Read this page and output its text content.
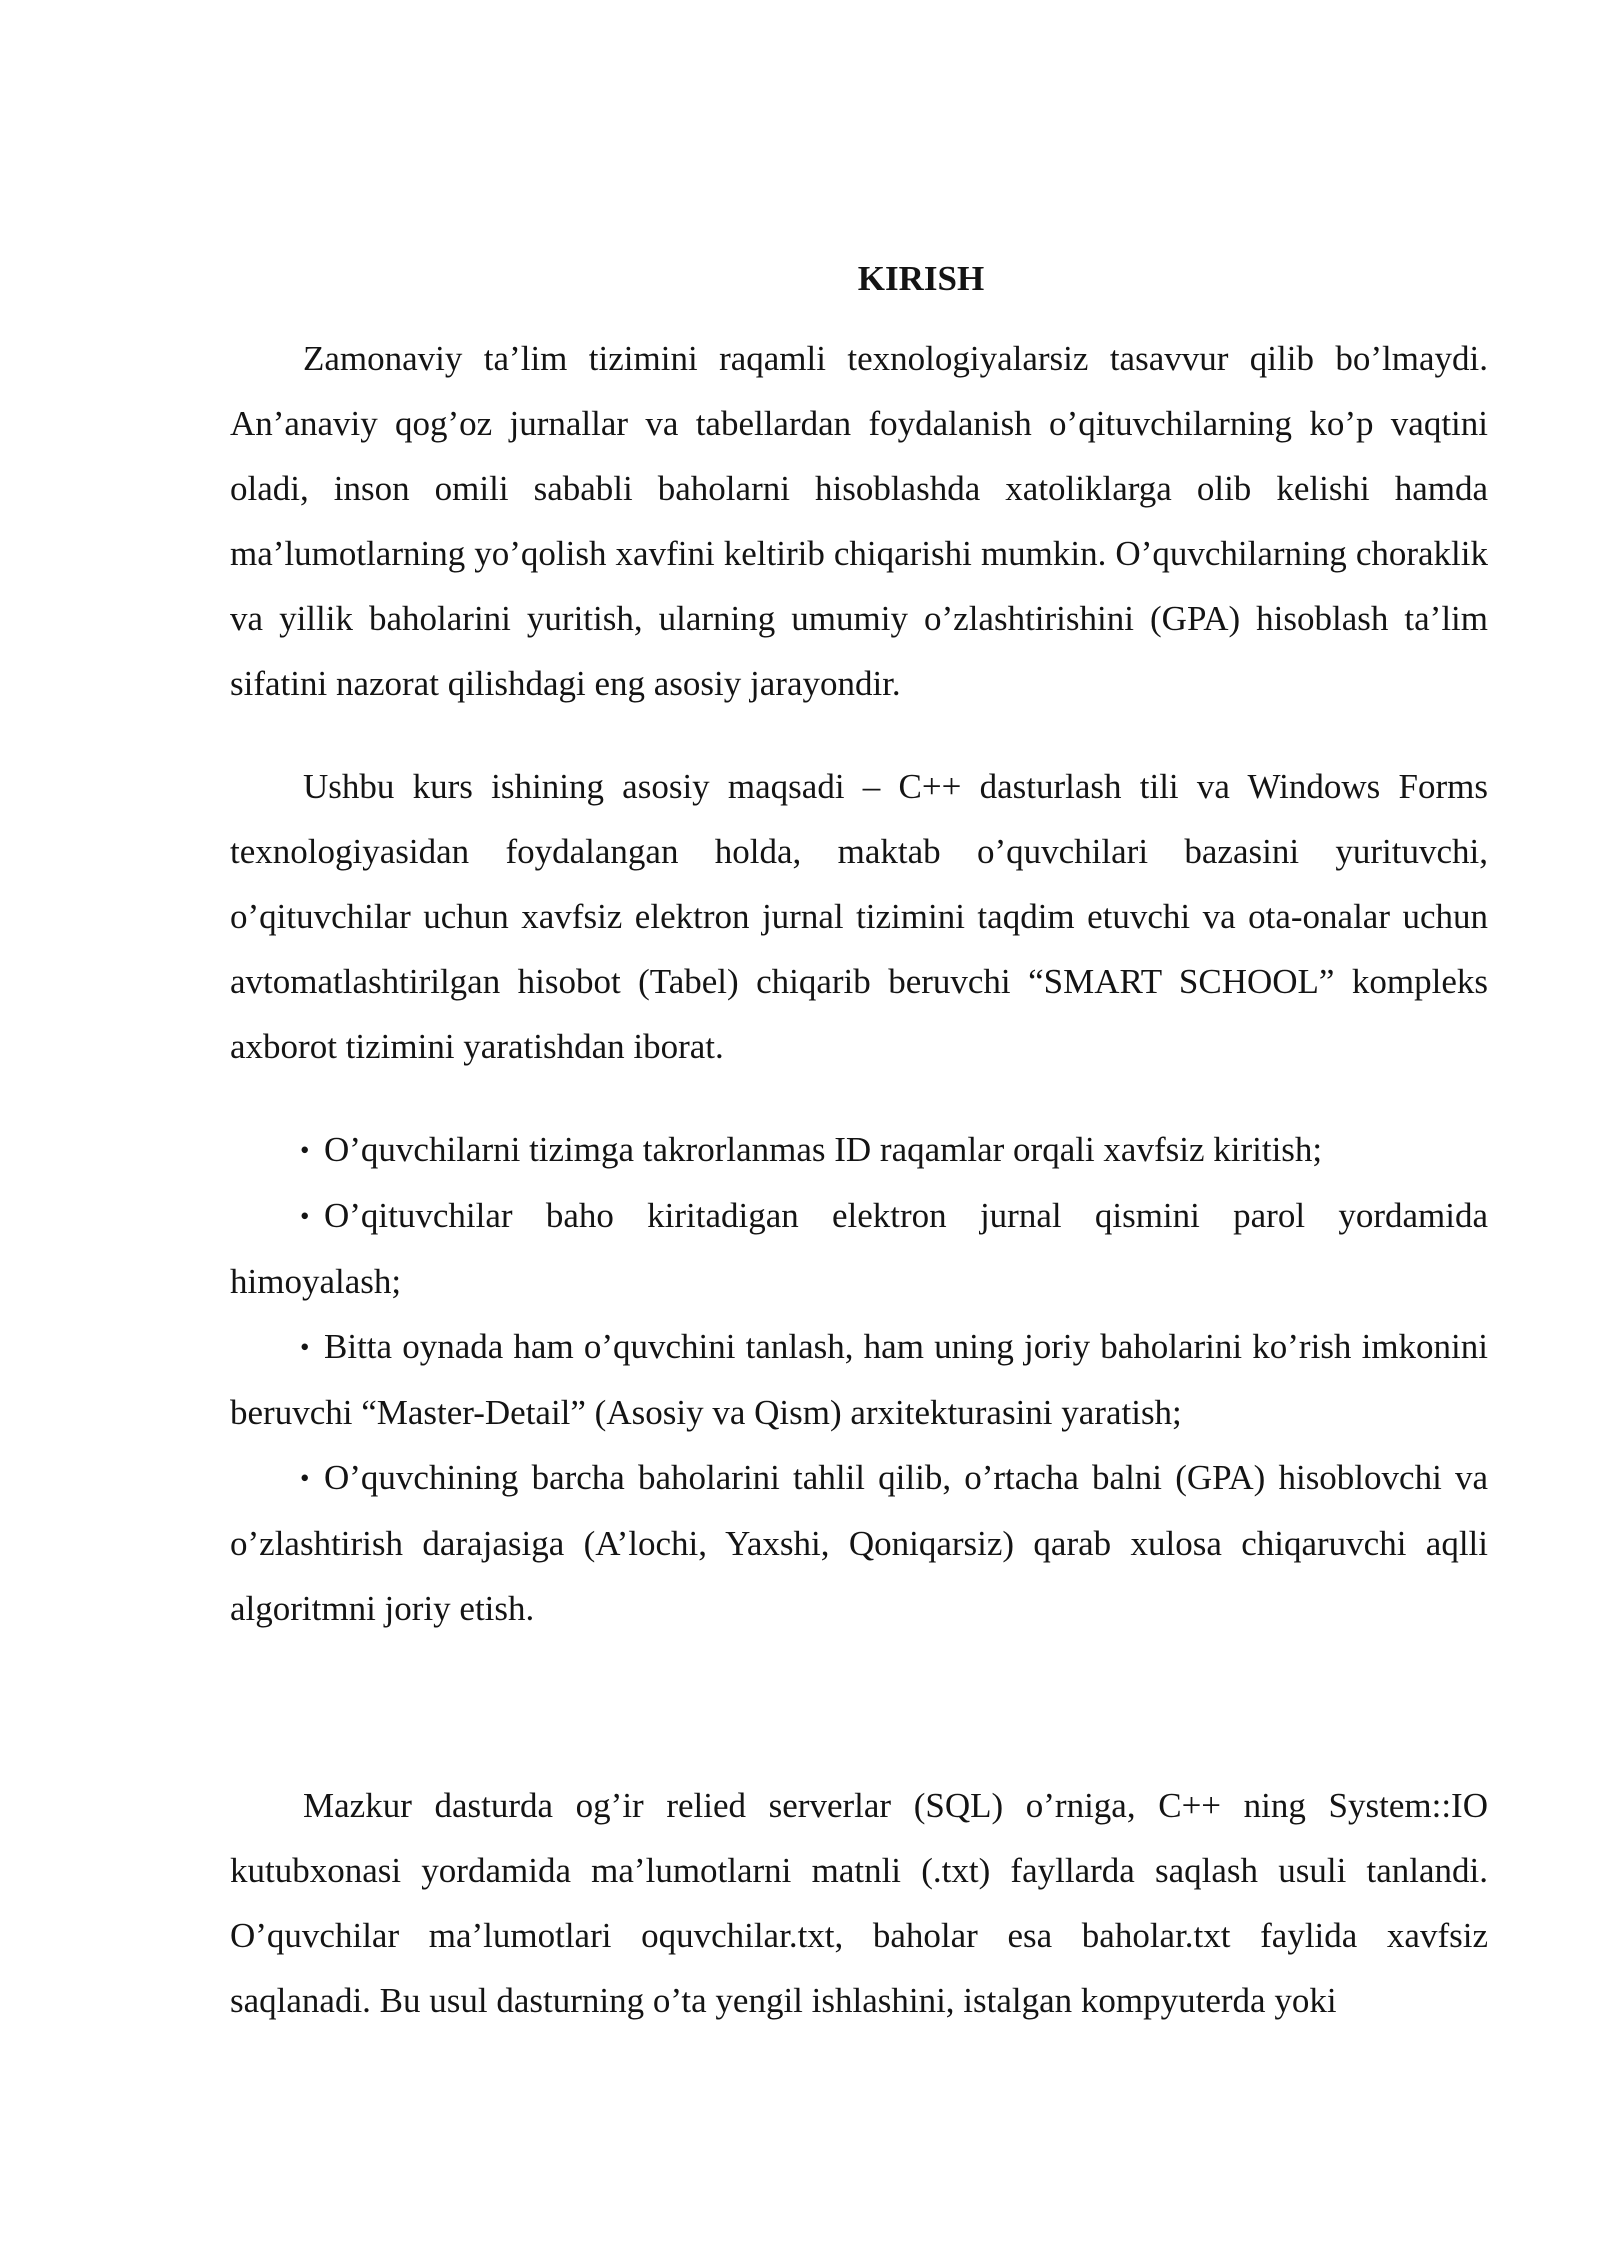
KIRISH

Zamonaviy ta’lim tizimini raqamli texnologiyalarsiz tasavvur qilib bo’lmaydi. An’anaviy qog’oz jurnallar va tabellardan foydalanish o’qituvchilarning ko’p vaqtini oladi, inson omili sababli baholarni hisoblashda xatoliklarga olib kelishi hamda ma’lumotlarning yo’qolish xavfini keltirib chiqarishi mumkin. O’quvchilarning choraklik va yillik baholarini yuritish, ularning umumiy o’zlashtirishini (GPA) hisoblash ta’lim sifatini nazorat qilishdagi eng asosiy jarayondir.

Ushbu kurs ishining asosiy maqsadi – C++ dasturlash tili va Windows Forms texnologiyasidan foydalangan holda, maktab o’quvchilari bazasini yurituvchi, o’qituvchilar uchun xavfsiz elektron jurnal tizimini taqdim etuvchi va ota-onalar uchun avtomatlashtirilgan hisobot (Tabel) chiqarib beruvchi “SMART SCHOOL” kompleks axborot tizimini yaratishdan iborat.

• O’quvchilarni tizimga takrorlanmas ID raqamlar orqali xavfsiz kiritish;

• O’qituvchilar baho kiritadigan elektron jurnal qismini parol yordamida himoyalash;

• Bitta oynada ham o’quvchini tanlash, ham uning joriy baholarini ko’rish imkonini beruvchi “Master-Detail” (Asosiy va Qism) arxitekturasini yaratish;

• O’quvchining barcha baholarini tahlil qilib, o’rtacha balni (GPA) hisoblovchi va o’zlashtirish darajasiga (A’lochi, Yaxshi, Qoniqarsiz) qarab xulosa chiqaruvchi aqlli algoritmni joriy etish.

Mazkur dasturda og’ir relied serverlar (SQL) o’rniga, C++ ning System::IO kutubxonasi yordamida ma’lumotlarni matnli (.txt) fayllarda saqlash usuli tanlandi. O’quvchilar ma’lumotlari oquvchilar.txt, baholar esa baholar.txt faylida xavfsiz saqlanadi. Bu usul dasturning o’ta yengil ishlashini, istalgan kompyuterda yoki
